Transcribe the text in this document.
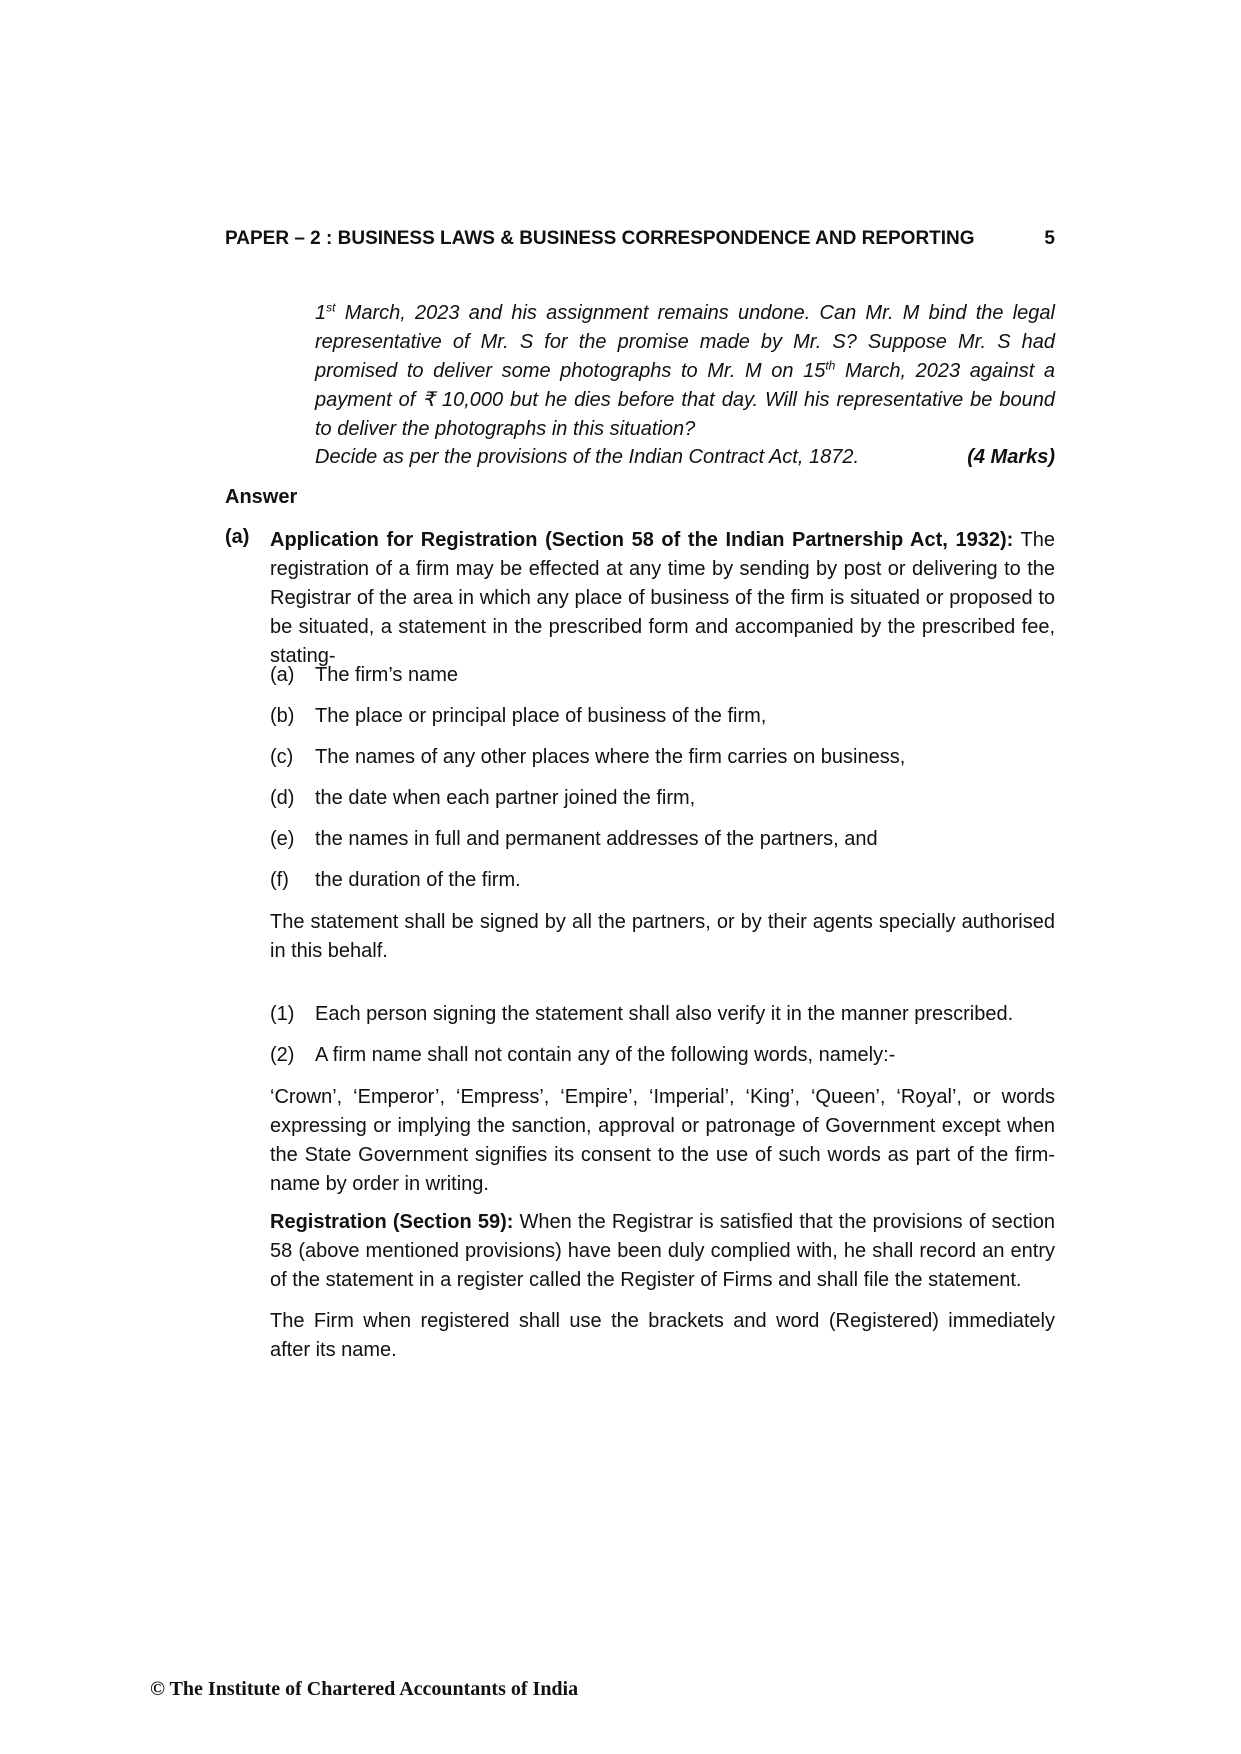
PAPER – 2 : BUSINESS LAWS & BUSINESS CORRESPONDENCE AND REPORTING	5

1st March, 2023 and his assignment remains undone. Can Mr. M bind the legal representative of Mr. S for the promise made by Mr. S? Suppose Mr. S had promised to deliver some photographs to Mr. M on 15th March, 2023 against a payment of ₹ 10,000 but he dies before that day. Will his representative be bound to deliver the photographs in this situation?

Decide as per the provisions of the Indian Contract Act, 1872.	(4 Marks)
Answer
(a) Application for Registration (Section 58 of the Indian Partnership Act, 1932): The registration of a firm may be effected at any time by sending by post or delivering to the Registrar of the area in which any place of business of the firm is situated or proposed to be situated, a statement in the prescribed form and accompanied by the prescribed fee, stating-

(a) The firm’s name
(b) The place or principal place of business of the firm,
(c) The names of any other places where the firm carries on business,
(d) the date when each partner joined the firm,
(e) the names in full and permanent addresses of the partners, and
(f) the duration of the firm.

The statement shall be signed by all the partners, or by their agents specially authorised in this behalf.

(1) Each person signing the statement shall also verify it in the manner prescribed.
(2) A firm name shall not contain any of the following words, namely:-

‘Crown’, ‘Emperor’, ‘Empress’, ‘Empire’, ‘Imperial’, ‘King’, ‘Queen’, ‘Royal’, or words expressing or implying the sanction, approval or patronage of Government except when the State Government signifies its consent to the use of such words as part of the firm-name by order in writing.

Registration (Section 59): When the Registrar is satisfied that the provisions of section 58 (above mentioned provisions) have been duly complied with, he shall record an entry of the statement in a register called the Register of Firms and shall file the statement.

The Firm when registered shall use the brackets and word (Registered) immediately after its name.

© The Institute of Chartered Accountants of India
